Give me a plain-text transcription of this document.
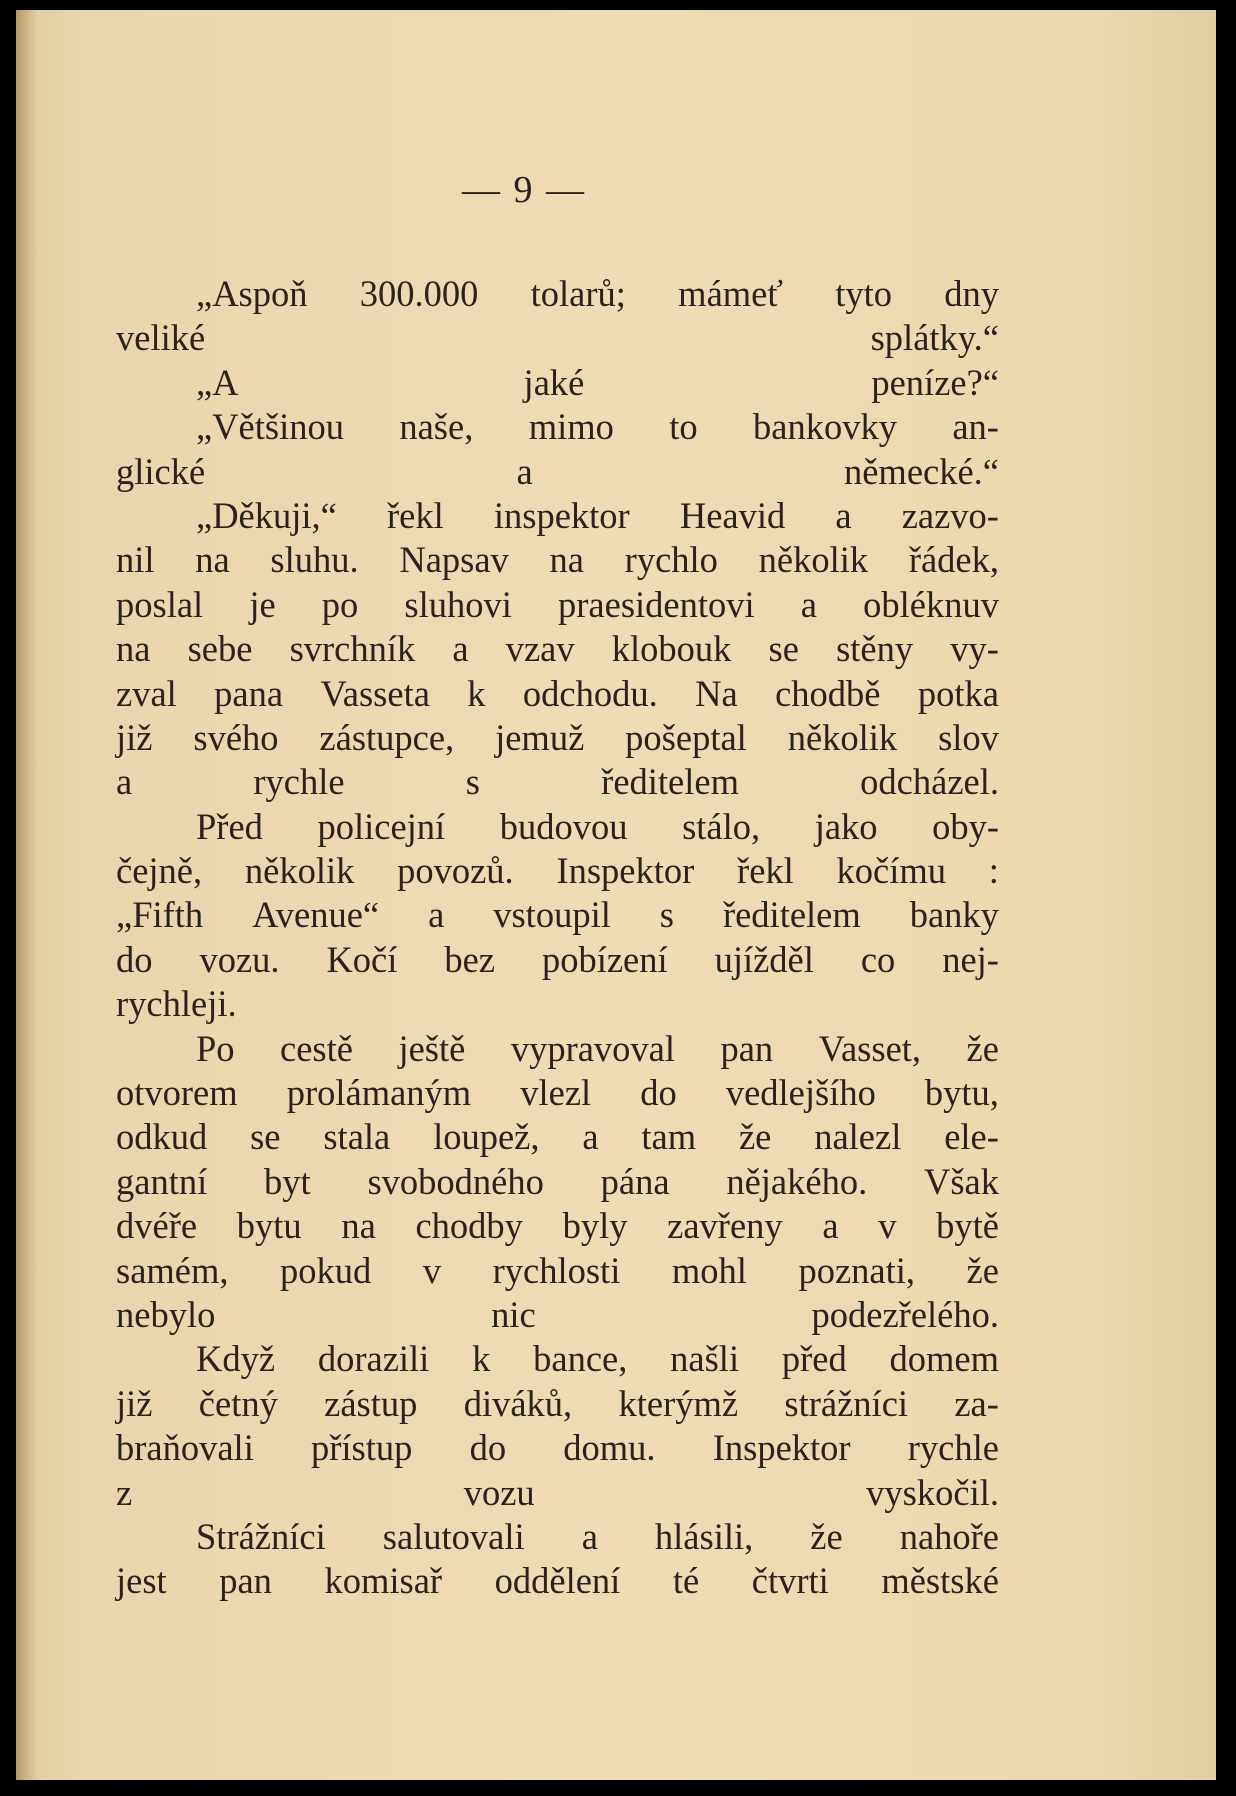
— 9 —
„Aspoň 300.000 tolarů; mámeť tyto dny
veliké splátky.“
„A jaké peníze?“
„Většinou naše, mimo to bankovky an-
glické a německé.“
„Děkuji,“ řekl inspektor Heavid a zazvo-
nil na sluhu. Napsav na rychlo několik řádek,
poslal je po sluhovi praesidentovi a obléknuv
na sebe svrchník a vzav klobouk se stěny vy-
zval pana Vasseta k odchodu. Na chodbě potka
již svého zástupce, jemuž pošeptal několik slov
a rychle s ředitelem odcházel.
Před policejní budovou stálo, jako oby-
čejně, několik povozů. Inspektor řekl kočímu :
„Fifth Avenue“ a vstoupil s ředitelem banky
do vozu. Kočí bez pobízení ujížděl co nej-
rychleji.
Po cestě ještě vypravoval pan Vasset, že
otvorem prolámaným vlezl do vedlejšího bytu,
odkud se stala loupež, a tam že nalezl ele-
gantní byt svobodného pána nějakého. Však
dvéře bytu na chodby byly zavřeny a v bytě
samém, pokud v rychlosti mohl poznati, že
nebylo nic podezřelého.
Když dorazili k bance, našli před domem
již četný zástup diváků, kterýmž strážníci za-
braňovali přístup do domu. Inspektor rychle
z vozu vyskočil.
Strážníci salutovali a hlásili, že nahoře
jest pan komisař oddělení té čtvrti městské
